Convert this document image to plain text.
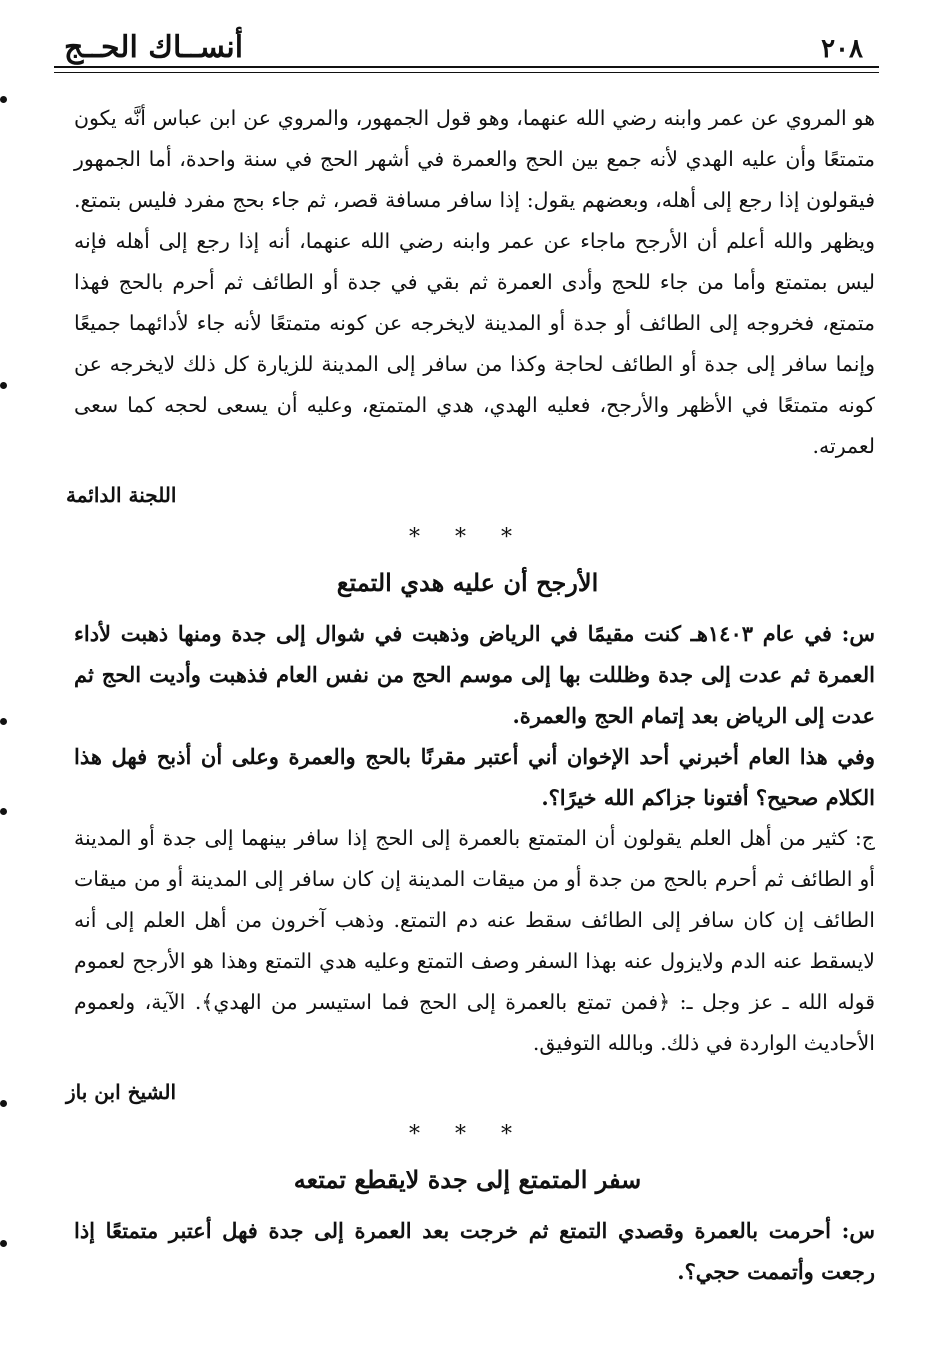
٢٠٨
أنســاك الحــج

هو المروي عن عمر وابنه رضي الله عنهما، وهو قول الجمهور، والمروي عن ابن عباس أنَّه يكون متمتعًا وأن عليه الهدي لأنه جمع بين الحج والعمرة في أشهر الحج في سنة واحدة، أما الجمهور فيقولون إذا رجع إلى أهله، وبعضهم يقول: إذا سافر مسافة قصر، ثم جاء بحج مفرد فليس بتمتع. ويظهر والله أعلم أن الأرجح ماجاء عن عمر وابنه رضي الله عنهما، أنه إذا رجع إلى أهله فإنه ليس بمتمتع وأما من جاء للحج وأدى العمرة ثم بقي في جدة أو الطائف ثم أحرم بالحج فهذا متمتع، فخروجه إلى الطائف أو جدة أو المدينة لايخرجه عن كونه متمتعًا لأنه جاء لأدائهما جميعًا وإنما سافر إلى جدة أو الطائف لحاجة وكذا من سافر إلى المدينة للزيارة كل ذلك لايخرجه عن كونه متمتعًا في الأظهر والأرجح، فعليه الهدي، هدي المتمتع، وعليه أن يسعى لحجه كما سعى لعمرته.

اللجنة الدائمة
* * *
الأرجح أن عليه هدي التمتع

س: في عام ١٤٠٣هـ كنت مقيمًا في الرياض وذهبت في شوال إلى جدة ومنها ذهبت لأداء العمرة ثم عدت إلى جدة وظللت بها إلى موسم الحج من نفس العام فذهبت وأديت الحج ثم عدت إلى الرياض بعد إتمام الحج والعمرة.

وفي هذا العام أخبرني أحد الإخوان أني أعتبر مقرنًا بالحج والعمرة وعلى أن أذبح فهل هذا الكلام صحيح؟ أفتونا جزاكم الله خيرًا؟.

ج: كثير من أهل العلم يقولون أن المتمتع بالعمرة إلى الحج إذا سافر بينهما إلى جدة أو المدينة أو الطائف ثم أحرم بالحج من جدة أو من ميقات المدينة إن كان سافر إلى المدينة أو من ميقات الطائف إن كان سافر إلى الطائف سقط عنه دم التمتع. وذهب آخرون من أهل العلم إلى أنه لايسقط عنه الدم ولايزول عنه بهذا السفر وصف التمتع وعليه هدي التمتع وهذا هو الأرجح لعموم قوله الله ـ عز وجل ـ: ﴿فمن تمتع بالعمرة إلى الحج فما استيسر من الهدي﴾. الآية، ولعموم الأحاديث الواردة في ذلك. وبالله التوفيق.

الشيخ ابن باز
* * *
سفر المتمتع إلى جدة لايقطع تمتعه

س: أحرمت بالعمرة وقصدي التمتع ثم خرجت بعد العمرة إلى جدة فهل أعتبر متمتعًا إذا رجعت وأتممت حجي؟.
